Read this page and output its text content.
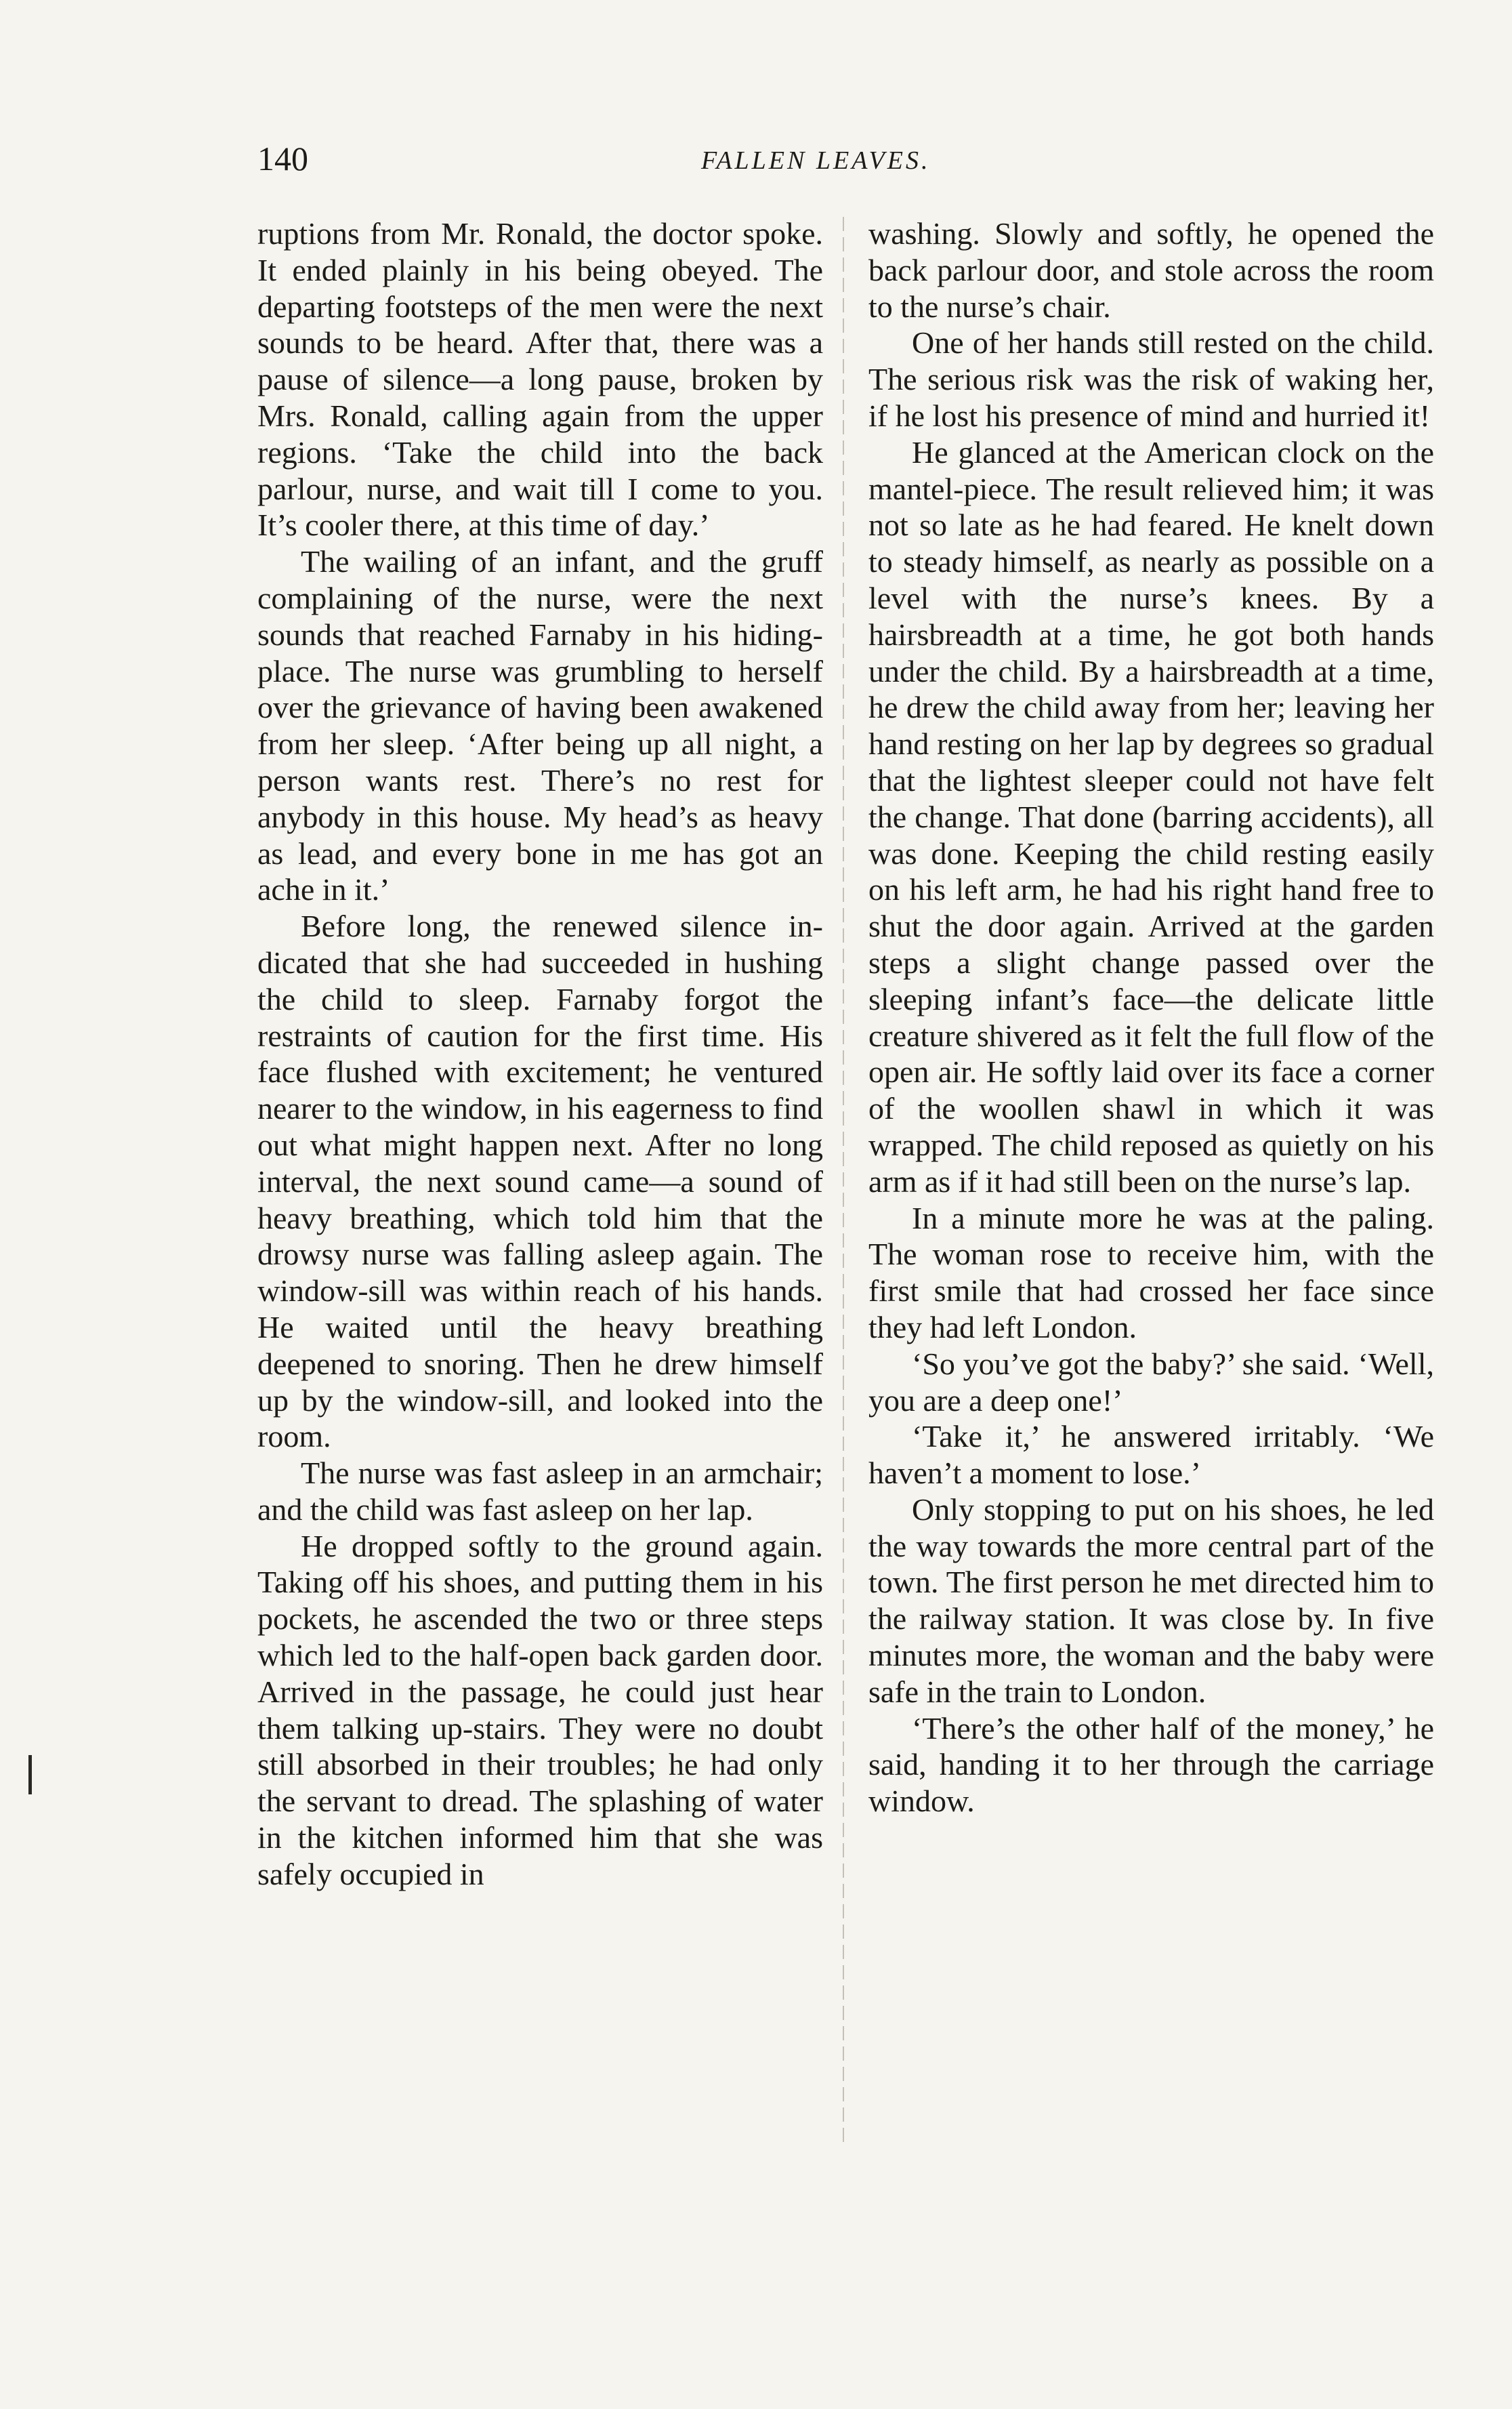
140	FALLEN LEAVES.

ruptions from Mr. Ronald, the doctor spoke. It ended plainly in his being obeyed. The departing footsteps of the men were the next sounds to be heard. After that, there was a pause of silence—a long pause, broken by Mrs. Ronald, calling again from the upper regions. ‘Take the child into the back parlour, nurse, and wait till I come to you. It’s cooler there, at this time of day.’

The wailing of an infant, and the gruff complaining of the nurse, were the next sounds that reached Farnaby in his hiding-place. The nurse was grumbling to herself over the grievance of having been awakened from her sleep. ‘After being up all night, a person wants rest. There’s no rest for anybody in this house. My head’s as heavy as lead, and every bone in me has got an ache in it.’

Before long, the renewed silence indicated that she had succeeded in hushing the child to sleep. Farnaby forgot the restraints of caution for the first time. His face flushed with excitement; he ventured nearer to the window, in his eagerness to find out what might happen next. After no long interval, the next sound came—a sound of heavy breathing, which told him that the drowsy nurse was falling asleep again. The window-sill was within reach of his hands. He waited until the heavy breathing deepened to snoring. Then he drew himself up by the window-sill, and looked into the room.

The nurse was fast asleep in an armchair; and the child was fast asleep on her lap.

He dropped softly to the ground again. Taking off his shoes, and putting them in his pockets, he ascended the two or three steps which led to the half-open back garden door. Arrived in the passage, he could just hear them talking up-stairs. They were no doubt still absorbed in their troubles; he had only the servant to dread. The splashing of water in the kitchen informed him that she was safely occupied in

washing. Slowly and softly, he opened the back parlour door, and stole across the room to the nurse’s chair.

One of her hands still rested on the child. The serious risk was the risk of waking her, if he lost his presence of mind and hurried it!

He glanced at the American clock on the mantel-piece. The result relieved him; it was not so late as he had feared. He knelt down to steady himself, as nearly as possible on a level with the nurse’s knees. By a hairsbreadth at a time, he got both hands under the child. By a hairsbreadth at a time, he drew the child away from her; leaving her hand resting on her lap by degrees so gradual that the lightest sleeper could not have felt the change. That done (barring accidents), all was done. Keeping the child resting easily on his left arm, he had his right hand free to shut the door again. Arrived at the garden steps a slight change passed over the sleeping infant’s face—the delicate little creature shivered as it felt the full flow of the open air. He softly laid over its face a corner of the woollen shawl in which it was wrapped. The child reposed as quietly on his arm as if it had still been on the nurse’s lap.

In a minute more he was at the paling. The woman rose to receive him, with the first smile that had crossed her face since they had left London.

‘So you’ve got the baby?’ she said. ‘Well, you are a deep one!’

‘Take it,’ he answered irritably. ‘We haven’t a moment to lose.’

Only stopping to put on his shoes, he led the way towards the more central part of the town. The first person he met directed him to the railway station. It was close by. In five minutes more, the woman and the baby were safe in the train to London.

‘There’s the other half of the money,’ he said, handing it to her through the carriage window.
